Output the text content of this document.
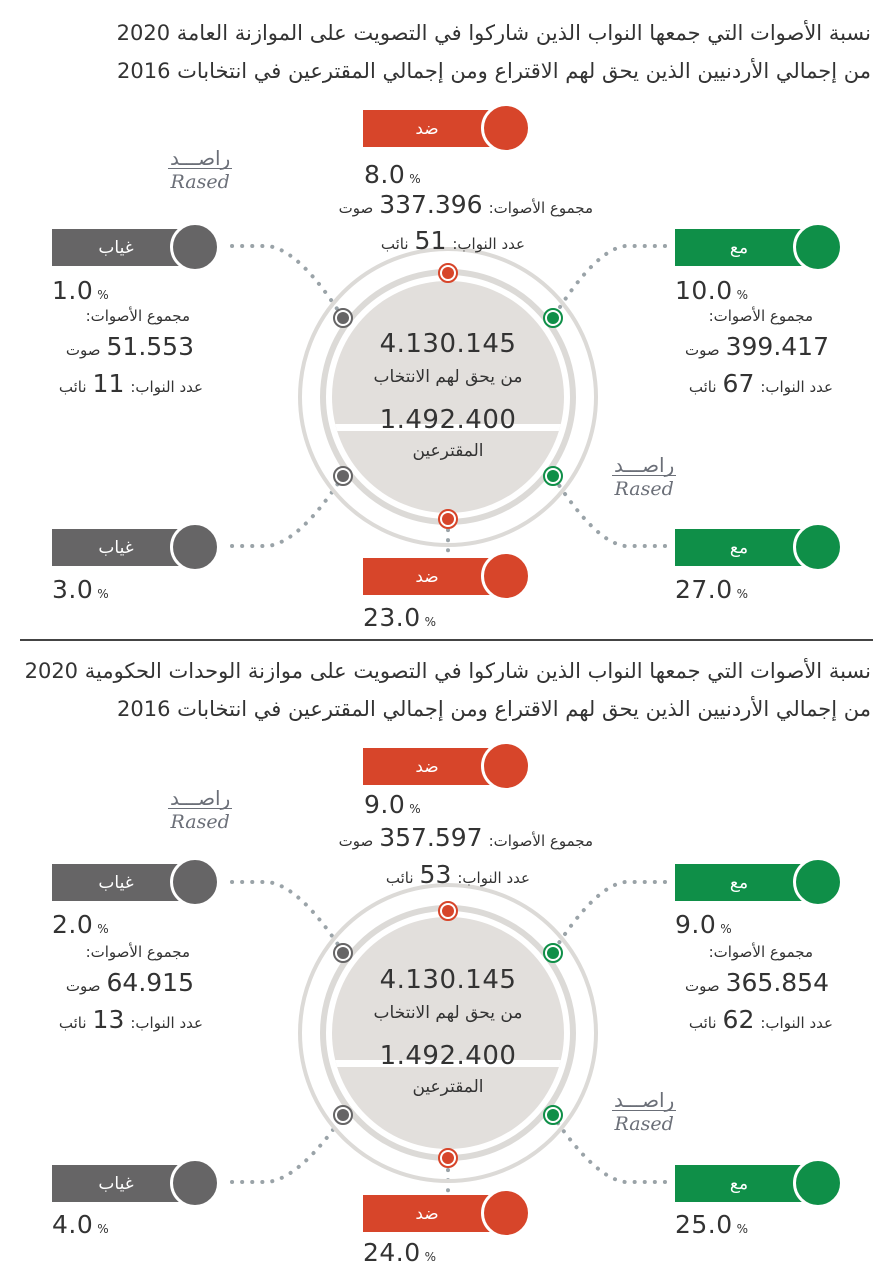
نسبة الأصوات التي جمعها النواب الذين شاركوا في التصويت على الموازنة العامة 2020
من إجمالي الأردنيين الذين يحق لهم الاقتراع ومن إجمالي المقترعين في انتخابات 2016
4.130.145
من يحق لهم الانتخاب
1.492.400
المقترعين
ضد
8.0 %
مجموع الأصوات:337.396صوت
عدد النواب:51نائب	مع
10.0 %
مجموع الأصوات:
399.417صوت
عدد النواب:67نائب
غياب
1.0 %
مجموع الأصوات:
51.553صوت
عدد النواب:11نائب
غياب
3.0 %
ضد
23.0 %
مع
27.0 %
راصـــد
Rased
راصـــد
Rased
نسبة الأصوات التي جمعها النواب الذين شاركوا في التصويت على موازنة الوحدات الحكومية 2020
من إجمالي الأردنيين الذين يحق لهم الاقتراع ومن إجمالي المقترعين في انتخابات 2016
4.130.145
من يحق لهم الانتخاب
1.492.400
المقترعين
ضد
9.0 %
مجموع الأصوات:357.597صوت
عدد النواب:53نائب	مع
9.0 %
مجموع الأصوات:
365.854صوت
عدد النواب:62نائب
غياب
2.0 %
مجموع الأصوات:
64.915صوت
عدد النواب:13نائب
غياب
4.0 %
ضد
24.0 %
مع
25.0 %
راصـــد
Rased
راصـــد
Rased
